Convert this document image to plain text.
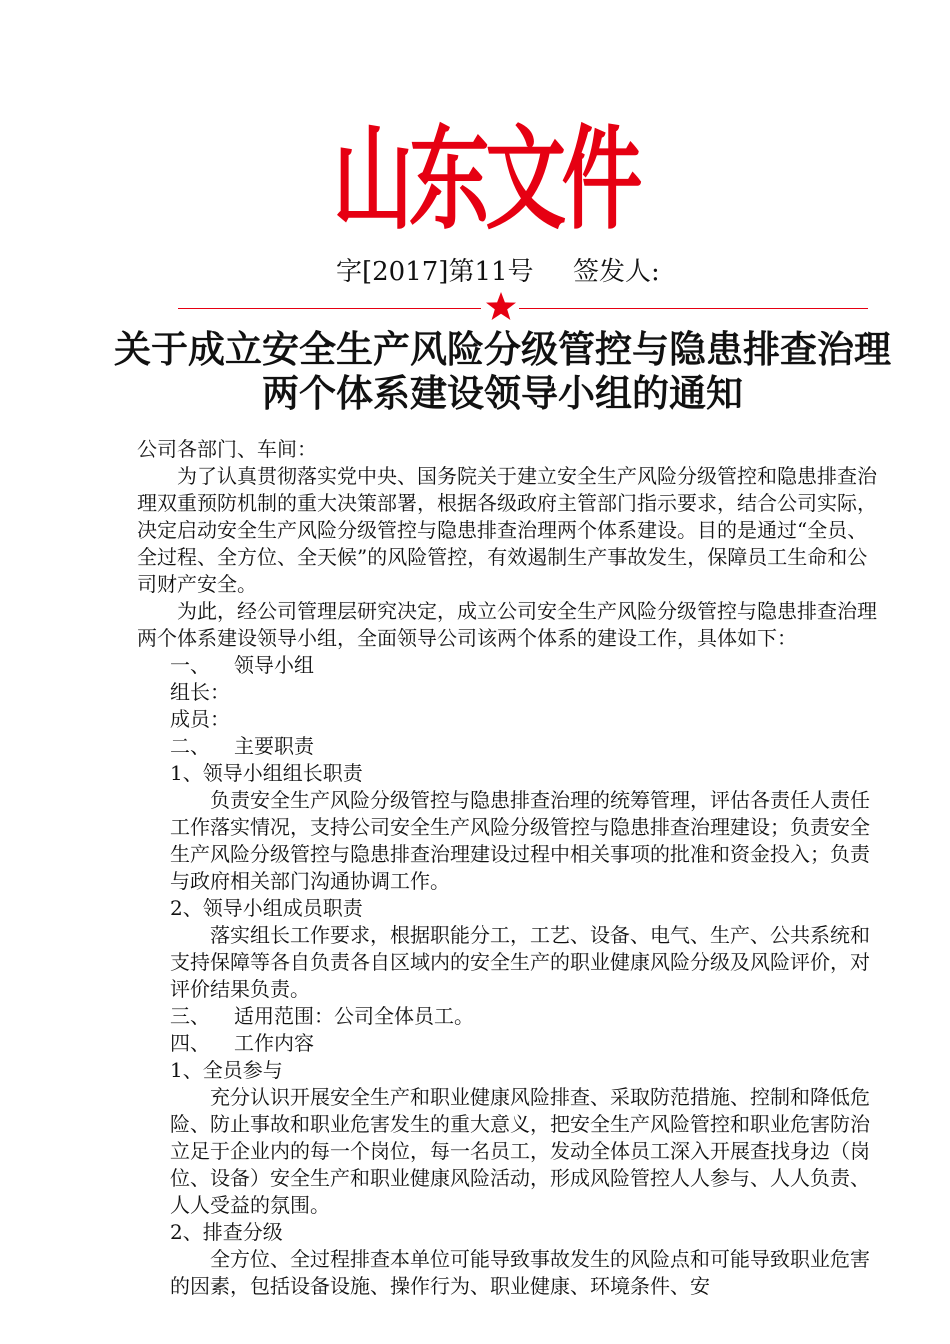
山东文件
字[2017]第11号 签发人:
关于成立安全生产风险分级管控与隐患排查治理
两个体系建设领导小组的通知

公司各部门、车间：

为了认真贯彻落实党中央、国务院关于建立安全生产风险分级管控和隐患排查治理双重预防机制的重大决策部署，根据各级政府主管部门指示要求，结合公司实际，决定启动安全生产风险分级管控与隐患排查治理两个体系建设。目的是通过“全员、全过程、全方位、全天候”的风险管控，有效遏制生产事故发生，保障员工生命和公司财产安全。

为此，经公司管理层研究决定，成立公司安全生产风险分级管控与隐患排查治理两个体系建设领导小组，全面领导公司该两个体系的建设工作，具体如下：

一、 领导小组

组长：

成员：

二、 主要职责

1、领导小组组长职责

负责安全生产风险分级管控与隐患排查治理的统筹管理，评估各责任人责任工作落实情况，支持公司安全生产风险分级管控与隐患排查治理建设；负责安全生产风险分级管控与隐患排查治理建设过程中相关事项的批准和资金投入；负责与政府相关部门沟通协调工作。

2、领导小组成员职责

落实组长工作要求，根据职能分工，工艺、设备、电气、生产、公共系统和支持保障等各自负责各自区域内的安全生产的职业健康风险分级及风险评价，对评价结果负责。

三、 适用范围：公司全体员工。

四、 工作内容

1、全员参与

充分认识开展安全生产和职业健康风险排查、采取防范措施、控制和降低危险、防止事故和职业危害发生的重大意义，把安全生产风险管控和职业危害防治立足于企业内的每一个岗位，每一名员工，发动全体员工深入开展查找身边（岗位、设备）安全生产和职业健康风险活动，形成风险管控人人参与、人人负责、人人受益的氛围。

2、排查分级

全方位、全过程排查本单位可能导致事故发生的风险点和可能导致职业危害的因素，包括设备设施、操作行为、职业健康、环境条件、安
